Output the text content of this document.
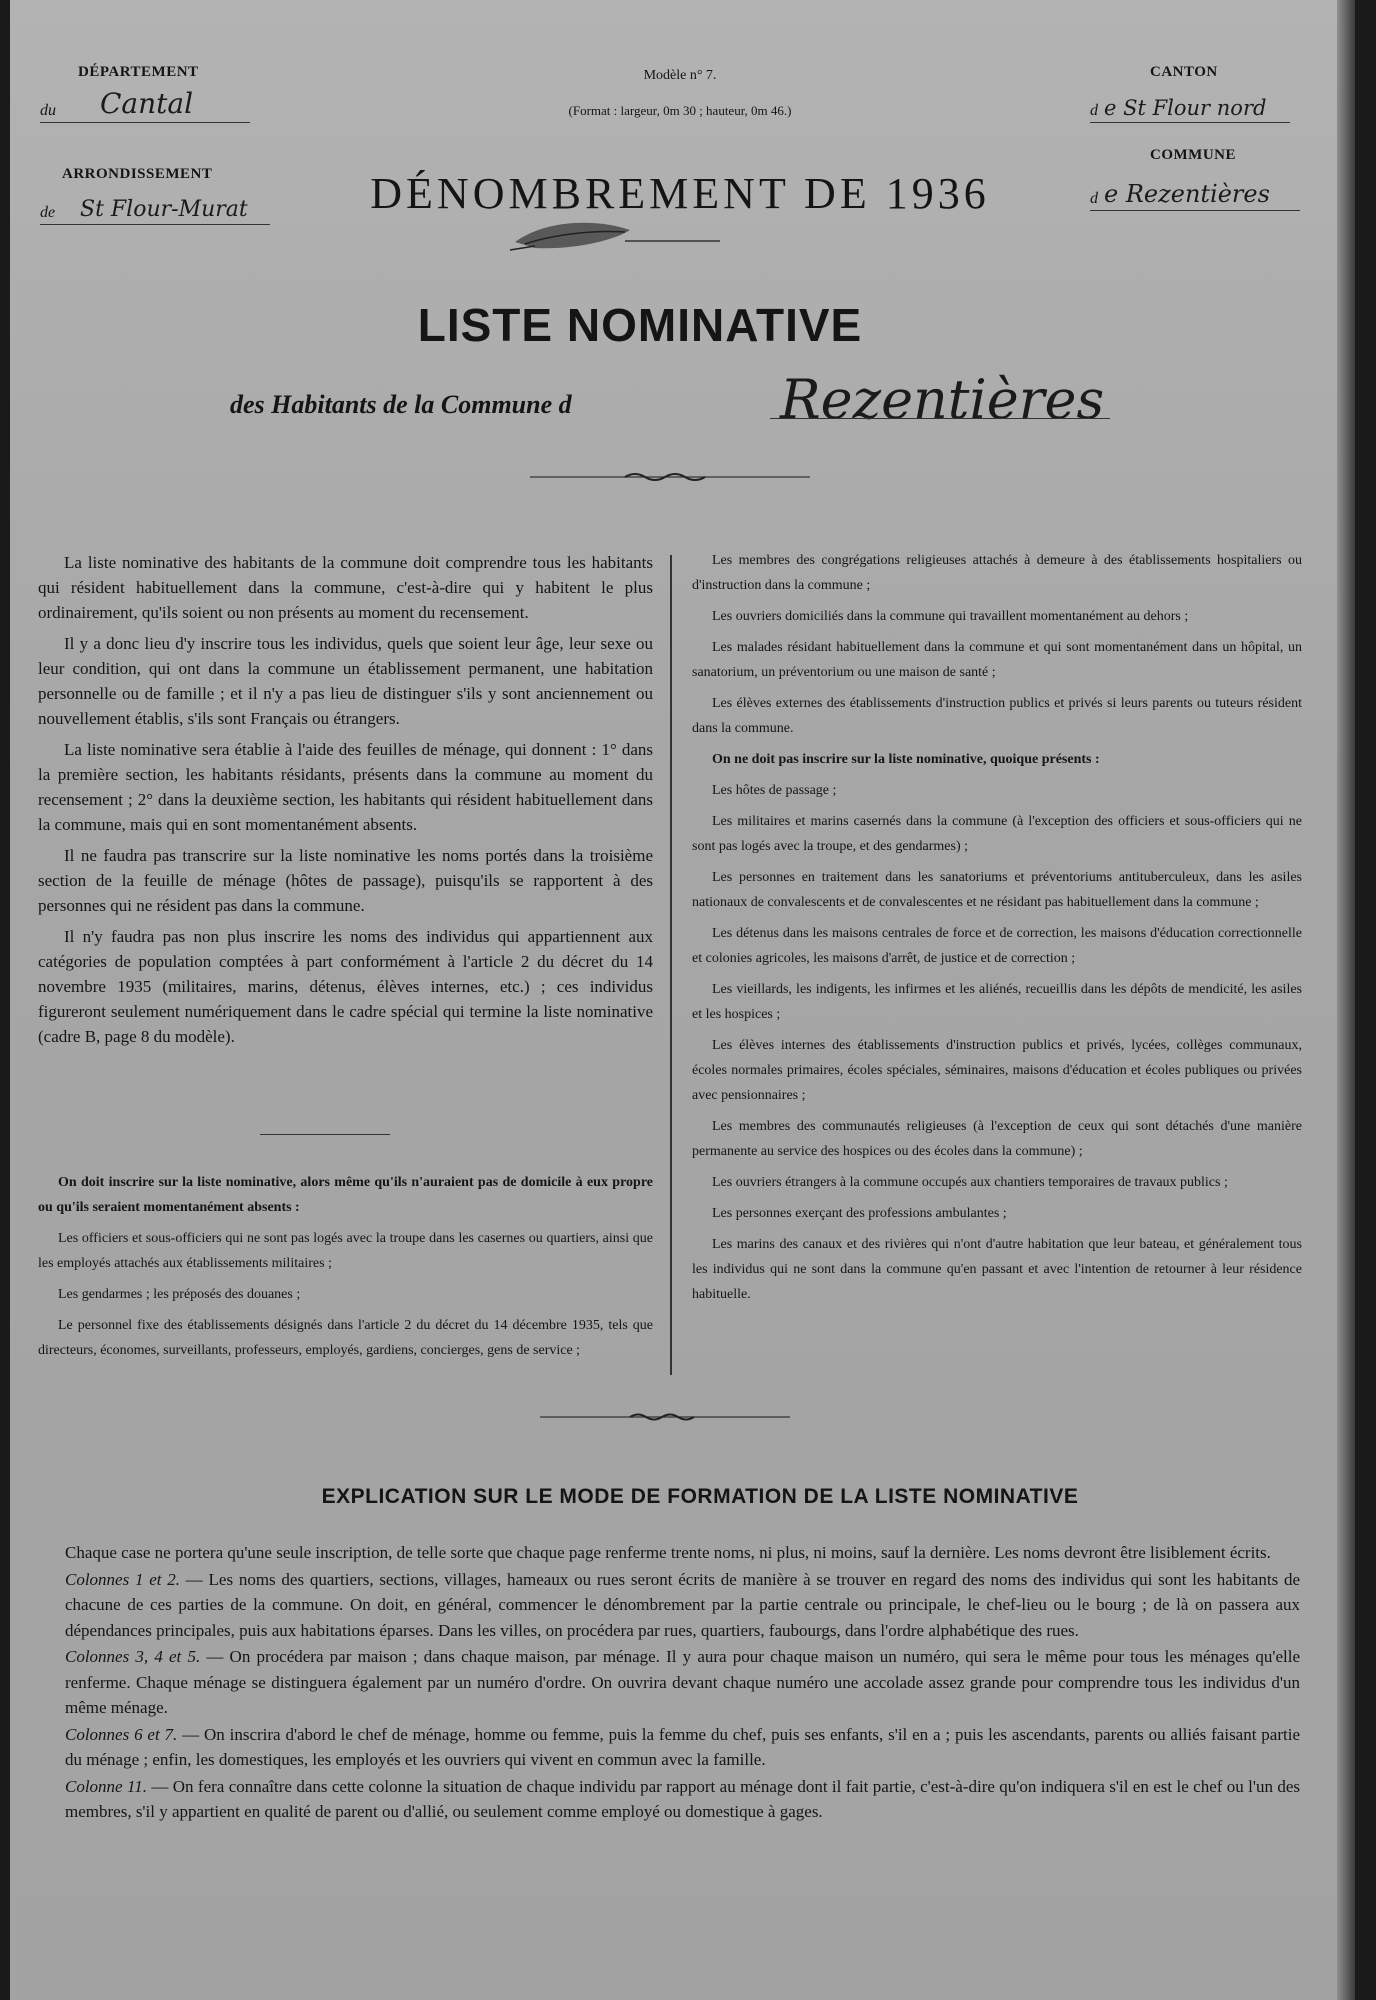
DÉPARTEMENT
du Cantal
ARRONDISSEMENT
de St Flour-Murat
Modèle n° 7.
(Format : largeur, 0m 30 ; hauteur, 0m 46.)
CANTON
d e St Flour nord
COMMUNE
d e Rezentières
DÉNOMBREMENT DE 1936
LISTE NOMINATIVE
des Habitants de la Commune d	Rezentières

La liste nominative des habitants de la commune doit comprendre tous les habitants qui résident habituellement dans la commune, c'est-à-dire qui y habitent le plus ordinairement, qu'ils soient ou non présents au moment du recensement.

Il y a donc lieu d'y inscrire tous les individus, quels que soient leur âge, leur sexe ou leur condition, qui ont dans la commune un établissement permanent, une habitation personnelle ou de famille ; et il n'y a pas lieu de distinguer s'ils y sont anciennement ou nouvellement établis, s'ils sont Français ou étrangers.

La liste nominative sera établie à l'aide des feuilles de ménage, qui donnent : 1° dans la première section, les habitants résidants, présents dans la commune au moment du recensement ; 2° dans la deuxième section, les habitants qui résident habituellement dans la commune, mais qui en sont momentanément absents.

Il ne faudra pas transcrire sur la liste nominative les noms portés dans la troisième section de la feuille de ménage (hôtes de passage), puisqu'ils se rapportent à des personnes qui ne résident pas dans la commune.

Il n'y faudra pas non plus inscrire les noms des individus qui appartiennent aux catégories de population comptées à part conformément à l'article 2 du décret du 14 novembre 1935 (militaires, marins, détenus, élèves internes, etc.) ; ces individus figureront seulement numériquement dans le cadre spécial qui termine la liste nominative (cadre B, page 8 du modèle).

On doit inscrire sur la liste nominative, alors même qu'ils n'auraient pas de domicile à eux propre ou qu'ils seraient momentanément absents :

Les officiers et sous-officiers qui ne sont pas logés avec la troupe dans les casernes ou quartiers, ainsi que les employés attachés aux établissements militaires ;

Les gendarmes ; les préposés des douanes ;

Le personnel fixe des établissements désignés dans l'article 2 du décret du 14 décembre 1935, tels que directeurs, économes, surveillants, professeurs, employés, gardiens, concierges, gens de service ;

Les membres des congrégations religieuses attachés à demeure à des établissements hospitaliers ou d'instruction dans la commune ;

Les ouvriers domiciliés dans la commune qui travaillent momentanément au dehors ;

Les malades résidant habituellement dans la commune et qui sont momentanément dans un hôpital, un sanatorium, un préventorium ou une maison de santé ;

Les élèves externes des établissements d'instruction publics et privés si leurs parents ou tuteurs résident dans la commune.

On ne doit pas inscrire sur la liste nominative, quoique présents :

Les hôtes de passage ;

Les militaires et marins casernés dans la commune (à l'exception des officiers et sous-officiers qui ne sont pas logés avec la troupe, et des gendarmes) ;

Les personnes en traitement dans les sanatoriums et préventoriums antituberculeux, dans les asiles nationaux de convalescents et de convalescentes et ne résidant pas habituellement dans la commune ;

Les détenus dans les maisons centrales de force et de correction, les maisons d'éducation correctionnelle et colonies agricoles, les maisons d'arrêt, de justice et de correction ;

Les vieillards, les indigents, les infirmes et les aliénés, recueillis dans les dépôts de mendicité, les asiles et les hospices ;

Les élèves internes des établissements d'instruction publics et privés, lycées, collèges communaux, écoles normales primaires, écoles spéciales, séminaires, maisons d'éducation et écoles publiques ou privées avec pensionnaires ;

Les membres des communautés religieuses (à l'exception de ceux qui sont détachés d'une manière permanente au service des hospices ou des écoles dans la commune) ;

Les ouvriers étrangers à la commune occupés aux chantiers temporaires de travaux publics ;

Les personnes exerçant des professions ambulantes ;

Les marins des canaux et des rivières qui n'ont d'autre habitation que leur bateau, et généralement tous les individus qui ne sont dans la commune qu'en passant et avec l'intention de retourner à leur résidence habituelle.

EXPLICATION SUR LE MODE DE FORMATION DE LA LISTE NOMINATIVE

Chaque case ne portera qu'une seule inscription, de telle sorte que chaque page renferme trente noms, ni plus, ni moins, sauf la dernière. Les noms devront être lisiblement écrits.

Colonnes 1 et 2. — Les noms des quartiers, sections, villages, hameaux ou rues seront écrits de manière à se trouver en regard des noms des individus qui sont les habitants de chacune de ces parties de la commune. On doit, en général, commencer le dénombrement par la partie centrale ou principale, le chef-lieu ou le bourg ; de là on passera aux dépendances principales, puis aux habitations éparses. Dans les villes, on procédera par rues, quartiers, faubourgs, dans l'ordre alphabétique des rues.

Colonnes 3, 4 et 5. — On procédera par maison ; dans chaque maison, par ménage. Il y aura pour chaque maison un numéro, qui sera le même pour tous les ménages qu'elle renferme. Chaque ménage se distinguera également par un numéro d'ordre. On ouvrira devant chaque numéro une accolade assez grande pour comprendre tous les individus d'un même ménage.

Colonnes 6 et 7. — On inscrira d'abord le chef de ménage, homme ou femme, puis la femme du chef, puis ses enfants, s'il en a ; puis les ascendants, parents ou alliés faisant partie du ménage ; enfin, les domestiques, les employés et les ouvriers qui vivent en commun avec la famille.

Colonne 11. — On fera connaître dans cette colonne la situation de chaque individu par rapport au ménage dont il fait partie, c'est-à-dire qu'on indiquera s'il en est le chef ou l'un des membres, s'il y appartient en qualité de parent ou d'allié, ou seulement comme employé ou domestique à gages.
